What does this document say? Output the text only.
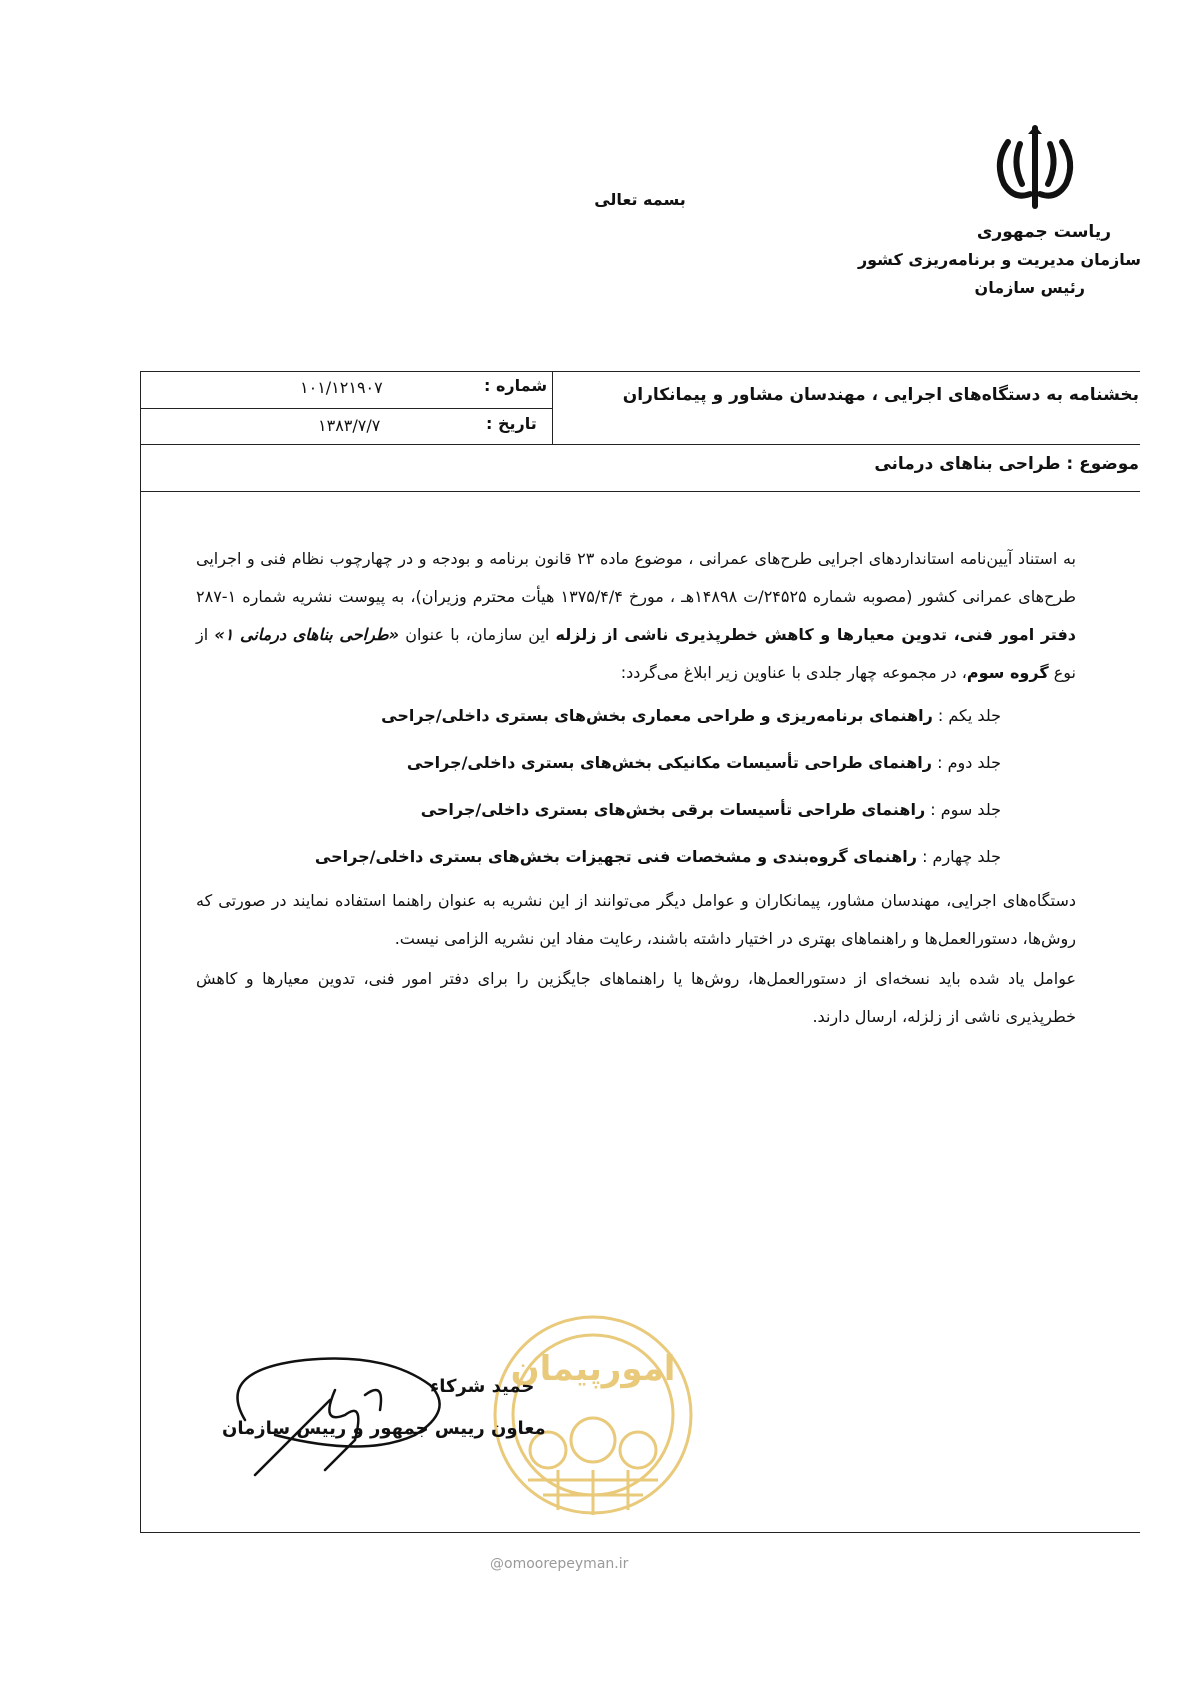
بسمه تعالی
ریاست جمهوری
سازمان مدیریت و برنامه‌ریزی کشور
رئیس سازمان
بخشنامه به دستگاه‌های اجرایی ، مهندسان مشاور و پیمانکاران
شماره :
۱۰۱/۱۲۱۹۰۷
تاریخ :
۱۳۸۳/۷/۷
موضوع : طراحی بناهای درمانی

به استناد آیین‌نامه استانداردهای اجرایی طرح‌های عمرانی ، موضوع ماده ۲۳ قانون برنامه و بودجه و در چهارچوب نظام فنی و اجرایی طرح‌های عمرانی کشور (مصوبه شماره ۲۴۵۲۵/ت ۱۴۸۹۸هـ ، مورخ ۱۳۷۵/۴/۴ هیأت محترم وزیران)، به پیوست نشریه شماره ۱-۲۸۷ دفتر امور فنی، تدوین معیارها و کاهش خطرپذیری ناشی از زلزله این سازمان، با عنوان «طراحی بناهای درمانی ۱» از نوع گروه سوم، در مجموعه چهار جلدی با عناوین زیر ابلاغ می‌گردد:

جلد یکم : راهنمای برنامه‌ریزی و طراحی معماری بخش‌های بستری داخلی/جراحی

جلد دوم : راهنمای طراحی تأسیسات مکانیکی بخش‌های بستری داخلی/جراحی

جلد سوم : راهنمای طراحی تأسیسات برقی بخش‌های بستری داخلی/جراحی

جلد چهارم : راهنمای گروه‌بندی و مشخصات فنی تجهیزات بخش‌های بستری داخلی/جراحی

دستگاه‌های اجرایی، مهندسان مشاور، پیمانکاران و عوامل دیگر می‌توانند از این نشریه به عنوان راهنما استفاده نمایند در صورتی که روش‌ها، دستورالعمل‌ها و راهنماهای بهتری در اختیار داشته باشند، رعایت مفاد این نشریه الزامی نیست.

عوامل یاد شده باید نسخه‌ای از دستورالعمل‌ها، روش‌ها یا راهنماهای جایگزین را برای دفتر امور فنی، تدوین معیارها و کاهش خطرپذیری ناشی از زلزله، ارسال دارند.

امورپیمان
حمید شرکاء
معاون رییس جمهور و رییس سازمان
@omoorepeyman.ir
